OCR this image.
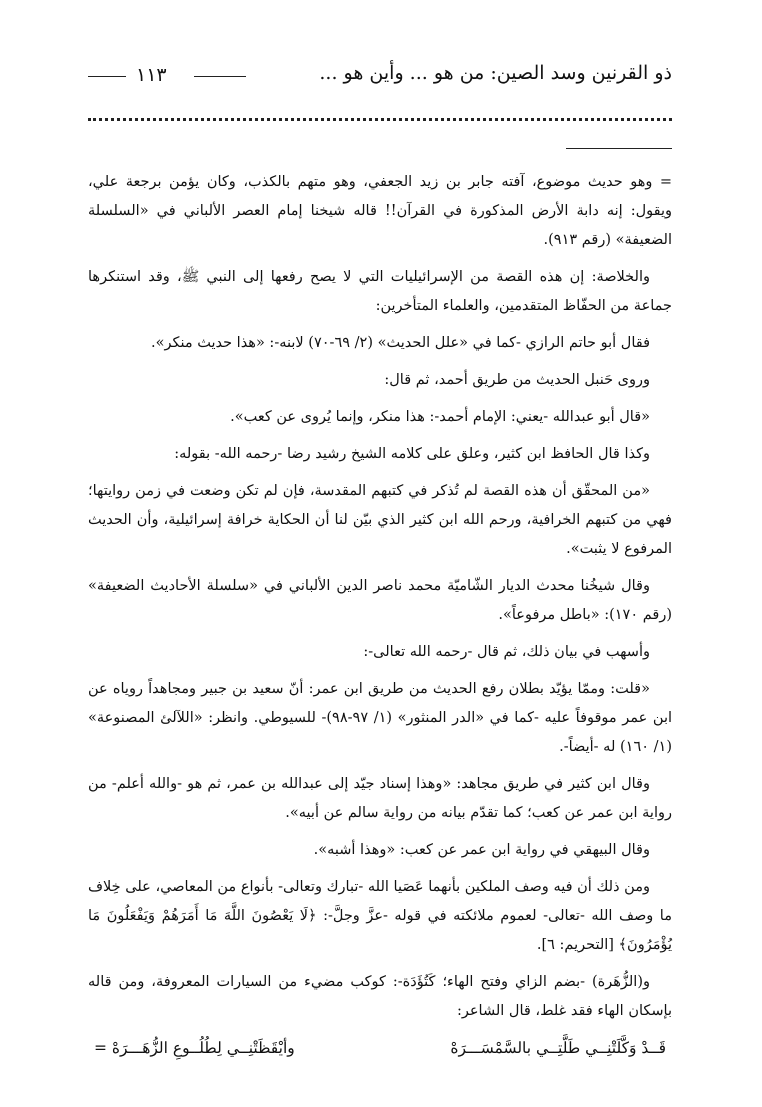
ذو القرنين وسد الصين: من هو ... وأين هو ...
١١٣

= وهو حديث موضوع، آفته جابر بن زيد الجعفي، وهو متهم بالكذب، وكان يؤمن برجعة علي، ويقول: إنه دابة الأرض المذكورة في القرآن!! قاله شيخنا إمام العصر الألباني في «السلسلة الضعيفة» (رقم ٩١٣).

والخلاصة: إن هذه القصة من الإسرائيليات التي لا يصح رفعها إلى النبي ﷺ، وقد استنكرها جماعة من الحفّاظ المتقدمين، والعلماء المتأخرين:

فقال أبو حاتم الرازي -كما في «علل الحديث» (٢/ ٦٩-٧٠) لابنه-: «هذا حديث منكر».

وروى حَنبل الحديث من طريق أحمد، ثم قال:

«قال أبو عبدالله -يعني: الإمام أحمد-: هذا منكر، وإنما يُروى عن كعب».

وكذا قال الحافظ ابن كثير، وعلق على كلامه الشيخ رشيد رضا -رحمه الله- بقوله:

«من المحقّق أن هذه القصة لم تُذكر في كتبهم المقدسة، فإن لم تكن وضعت في زمن روايتها؛ فهي من كتبهم الخرافية، ورحم الله ابن كثير الذي بيّن لنا أن الحكاية خرافة إسرائيلية، وأن الحديث المرفوع لا يثبت».

وقال شيخُنا محدث الديار الشّاميّة محمد ناصر الدين الألباني في «سلسلة الأحاديث الضعيفة» (رقم ١٧٠): «باطل مرفوعاً».

وأسهب في بيان ذلك، ثم قال -رحمه الله تعالى-:

«قلت: وممّا يؤيّد بطلان رفع الحديث من طريق ابن عمر: أنّ سعيد بن جبير ومجاهداً روياه عن ابن عمر موقوفاً عليه -كما في «الدر المنثور» (١/ ٩٧-٩٨)- للسيوطي. وانظر: «اللآلئ المصنوعة» (١/ ١٦٠) له -أيضاً-.

وقال ابن كثير في طريق مجاهد: «وهذا إسناد جيّد إلى عبدالله بن عمر، ثم هو -والله أعلم- من رواية ابن عمر عن كعب؛ كما تقدّم بيانه من رواية سالم عن أبيه».

وقال البيهقي في رواية ابن عمر عن كعب: «وهذا أشبه».

ومن ذلك أن فيه وصف الملكين بأنهما عَصَيا الله -تبارك وتعالى- بأنواع من المعاصي، على خِلاف ما وصف الله -تعالى- لعموم ملائكته في قوله -عزَّ وجلَّ-: ﴿لَا يَعْصُونَ اللَّهَ مَا أَمَرَهُمْ وَيَفْعَلُونَ مَا يُؤْمَرُونَ﴾ [التحريم: ٦].

و(الزُّهَرة) -بضم الزاي وفتح الهاء؛ كَتُؤَدَة-: كوكب مضيء من السيارات المعروفة، ومن قاله بإسكان الهاء فقد غلط، قال الشاعر:

قَــدْ وَكَّلَتْنِــي طَلَّتِــي بالسَّمْسَـــرَهْ
وأيْقَظَتْنِــي لِطُلُــوعِ الزُّهَـــرَهْ =
